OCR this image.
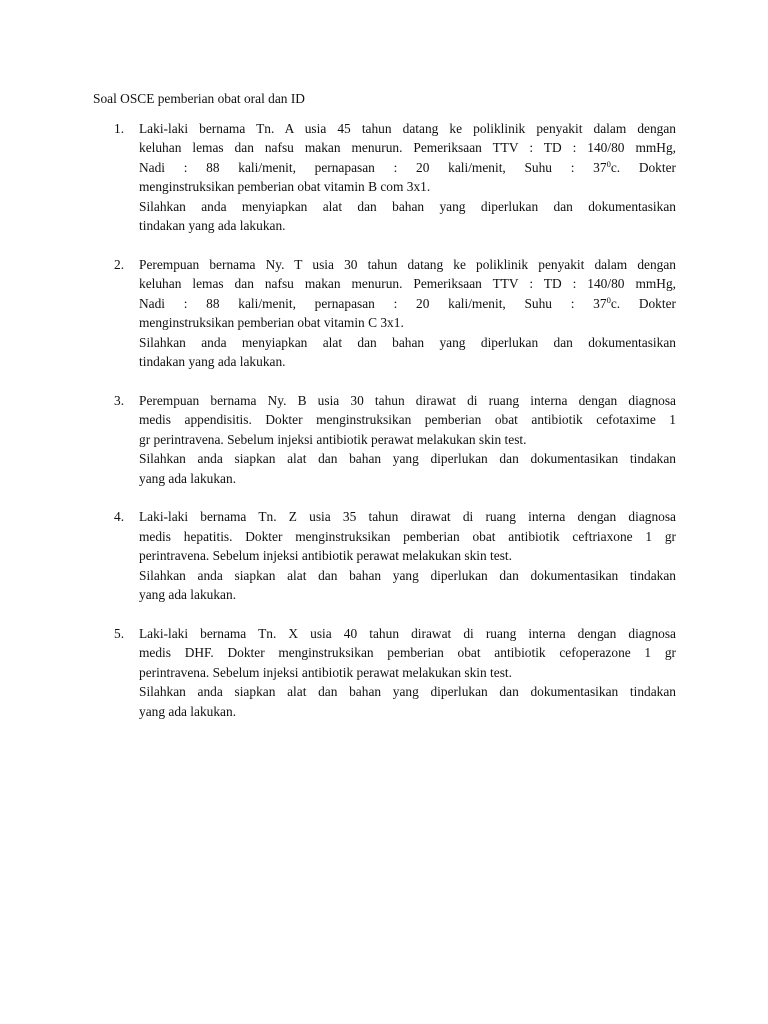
Soal OSCE pemberian obat oral dan ID
1. Laki-laki bernama Tn. A usia 45 tahun datang ke poliklinik penyakit dalam dengan
keluhan lemas dan nafsu makan menurun. Pemeriksaan TTV : TD : 140/80 mmHg,
Nadi : 88 kali/menit, pernapasan : 20 kali/menit, Suhu : $37^0c$. Dokter
menginstruksikan pemberian obat vitamin B com 3x1.
Silahkan anda menyiapkan alat dan bahan yang diperlukan dan dokumentasikan
tindakan yang ada lakukan.
2. Perempuan bernama Ny. T usia 30 tahun datang ke poliklinik penyakit dalam dengan
keluhan lemas dan nafsu makan menurun. Pemeriksaan TTV : TD : 140/80 mmHg,
Nadi : 88 kali/menit, pernapasan : 20 kali/menit, Suhu : $37^0c$. Dokter
menginstruksikan pemberian obat vitamin C 3x1.
Silahkan anda menyiapkan alat dan bahan yang diperlukan dan dokumentasikan
tindakan yang ada lakukan.
3. Perempuan bernama Ny. B usia 30 tahun dirawat di ruang interna dengan diagnosa
medis appendisitis. Dokter menginstruksikan pemberian obat antibiotik cefotaxime 1
gr perintravena. Sebelum injeksi antibiotik perawat melakukan skin test.
Silahkan anda siapkan alat dan bahan yang diperlukan dan dokumentasikan tindakan
yang ada lakukan.
4. Laki-laki bernama Tn. Z usia 35 tahun dirawat di ruang interna dengan diagnosa
medis hepatitis. Dokter menginstruksikan pemberian obat antibiotik ceftriaxone 1 gr
perintravena. Sebelum injeksi antibiotik perawat melakukan skin test.
Silahkan anda siapkan alat dan bahan yang diperlukan dan dokumentasikan tindakan
yang ada lakukan.
5. Laki-laki bernama Tn. X usia 40 tahun dirawat di ruang interna dengan diagnosa
medis DHF. Dokter menginstruksikan pemberian obat antibiotik cefoperazone 1 gr
perintravena. Sebelum injeksi antibiotik perawat melakukan skin test.
Silahkan anda siapkan alat dan bahan yang diperlukan dan dokumentasikan tindakan
yang ada lakukan.
